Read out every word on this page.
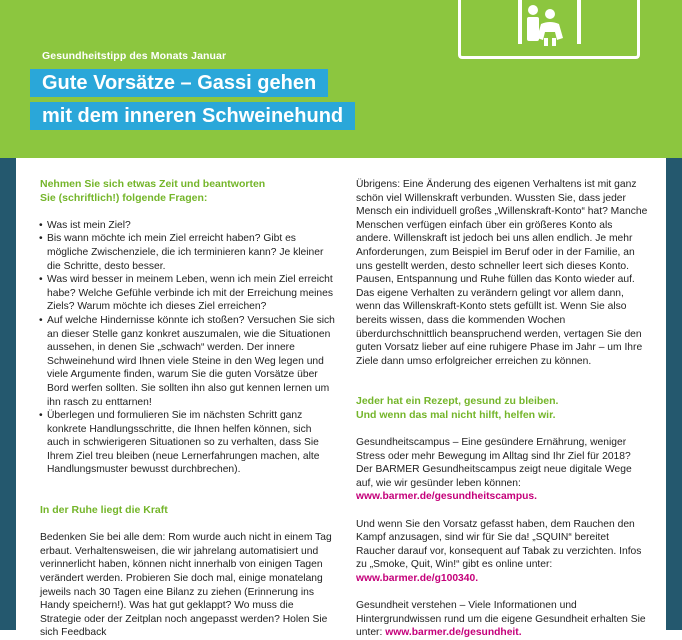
Gesundheitstipp des Monats Januar
Gute Vorsätze – Gassi gehen
mit dem inneren Schweinehund

Nehmen Sie sich etwas Zeit und beantworten

Sie (schriftlich!) folgende Fragen:

• Was ist mein Ziel?
• Bis wann möchte ich mein Ziel erreicht haben? Gibt es mögliche Zwischenziele, die ich terminieren kann? Je kleiner die Schritte, desto besser.
• Was wird besser in meinem Leben, wenn ich mein Ziel erreicht habe? Welche Gefühle verbinde ich mit der Erreichung meines Ziels? Warum möchte ich dieses Ziel erreichen?
• Auf welche Hindernisse könnte ich stoßen? Versuchen Sie sich an dieser Stelle ganz konkret auszumalen, wie die Situationen aussehen, in denen Sie „schwach“ werden. Der innere Schweinehund wird Ihnen viele Steine in den Weg legen und viele Argumente finden, warum Sie die guten Vorsätze über Bord werfen sollten. Sie sollten ihn also gut kennen lernen um ihn rasch zu enttarnen!
• Überlegen und formulieren Sie im nächsten Schritt ganz konkrete Handlungsschritte, die Ihnen helfen können, sich auch in schwierigeren Situationen so zu verhalten, dass Sie Ihrem Ziel treu bleiben (neue Lernerfahrungen machen, alte Handlungsmuster bewusst durchbrechen).

In der Ruhe liegt die Kraft

Bedenken Sie bei alle dem: Rom wurde auch nicht in einem Tag erbaut. Verhaltensweisen, die wir jahrelang automatisiert und verinnerlicht haben, können nicht innerhalb von einigen Tagen verändert werden. Probieren Sie doch mal, einige monatelang jeweils nach 30 Tagen eine Bilanz zu ziehen (Erinnerung ins Handy speichern!). Was hat gut geklappt? Wo muss die Strategie oder der Zeitplan noch angepasst werden? Holen Sie sich Feedback

Übrigens: Eine Änderung des eigenen Verhaltens ist mit ganz schön viel Willenskraft verbunden. Wussten Sie, dass jeder Mensch ein individuell großes „Willenskraft-Konto“ hat? Manche Menschen verfügen einfach über ein größeres Konto als andere. Willenskraft ist jedoch bei uns allen endlich. Je mehr Anforderungen, zum Beispiel im Beruf oder in der Familie, an uns gestellt werden, desto schneller leert sich dieses Konto. Pausen, Entspannung und Ruhe füllen das Konto wieder auf. Das eigene Verhalten zu verändern gelingt vor allem dann, wenn das Willenskraft-Konto stets gefüllt ist. Wenn Sie also bereits wissen, dass die kommenden Wochen überdurchschnittlich beanspruchend werden, vertagen Sie den guten Vorsatz lieber auf eine ruhigere Phase im Jahr – um Ihre Ziele dann umso erfolgreicher erreichen zu können.

Jeder hat ein Rezept, gesund zu bleiben.

Und wenn das mal nicht hilft, helfen wir.

Gesundheitscampus – Eine gesündere Ernährung, weniger Stress oder mehr Bewegung im Alltag sind Ihr Ziel für 2018? Der BARMER Gesundheitscampus zeigt neue digitale Wege auf, wie wir gesünder leben können: www.barmer.de/gesundheitscampus.

Und wenn Sie den Vorsatz gefasst haben, dem Rauchen den Kampf anzusagen, sind wir für Sie da! „SQUIN“ bereitet Raucher darauf vor, konsequent auf Tabak zu verzichten. Infos zu „Smoke, Quit, Win!“ gibt es online unter: www.barmer.de/g100340.

Gesundheit verstehen – Viele Informationen und Hintergrundwissen rund um die eigene Gesundheit erhalten Sie unter: www.barmer.de/gesundheit.
